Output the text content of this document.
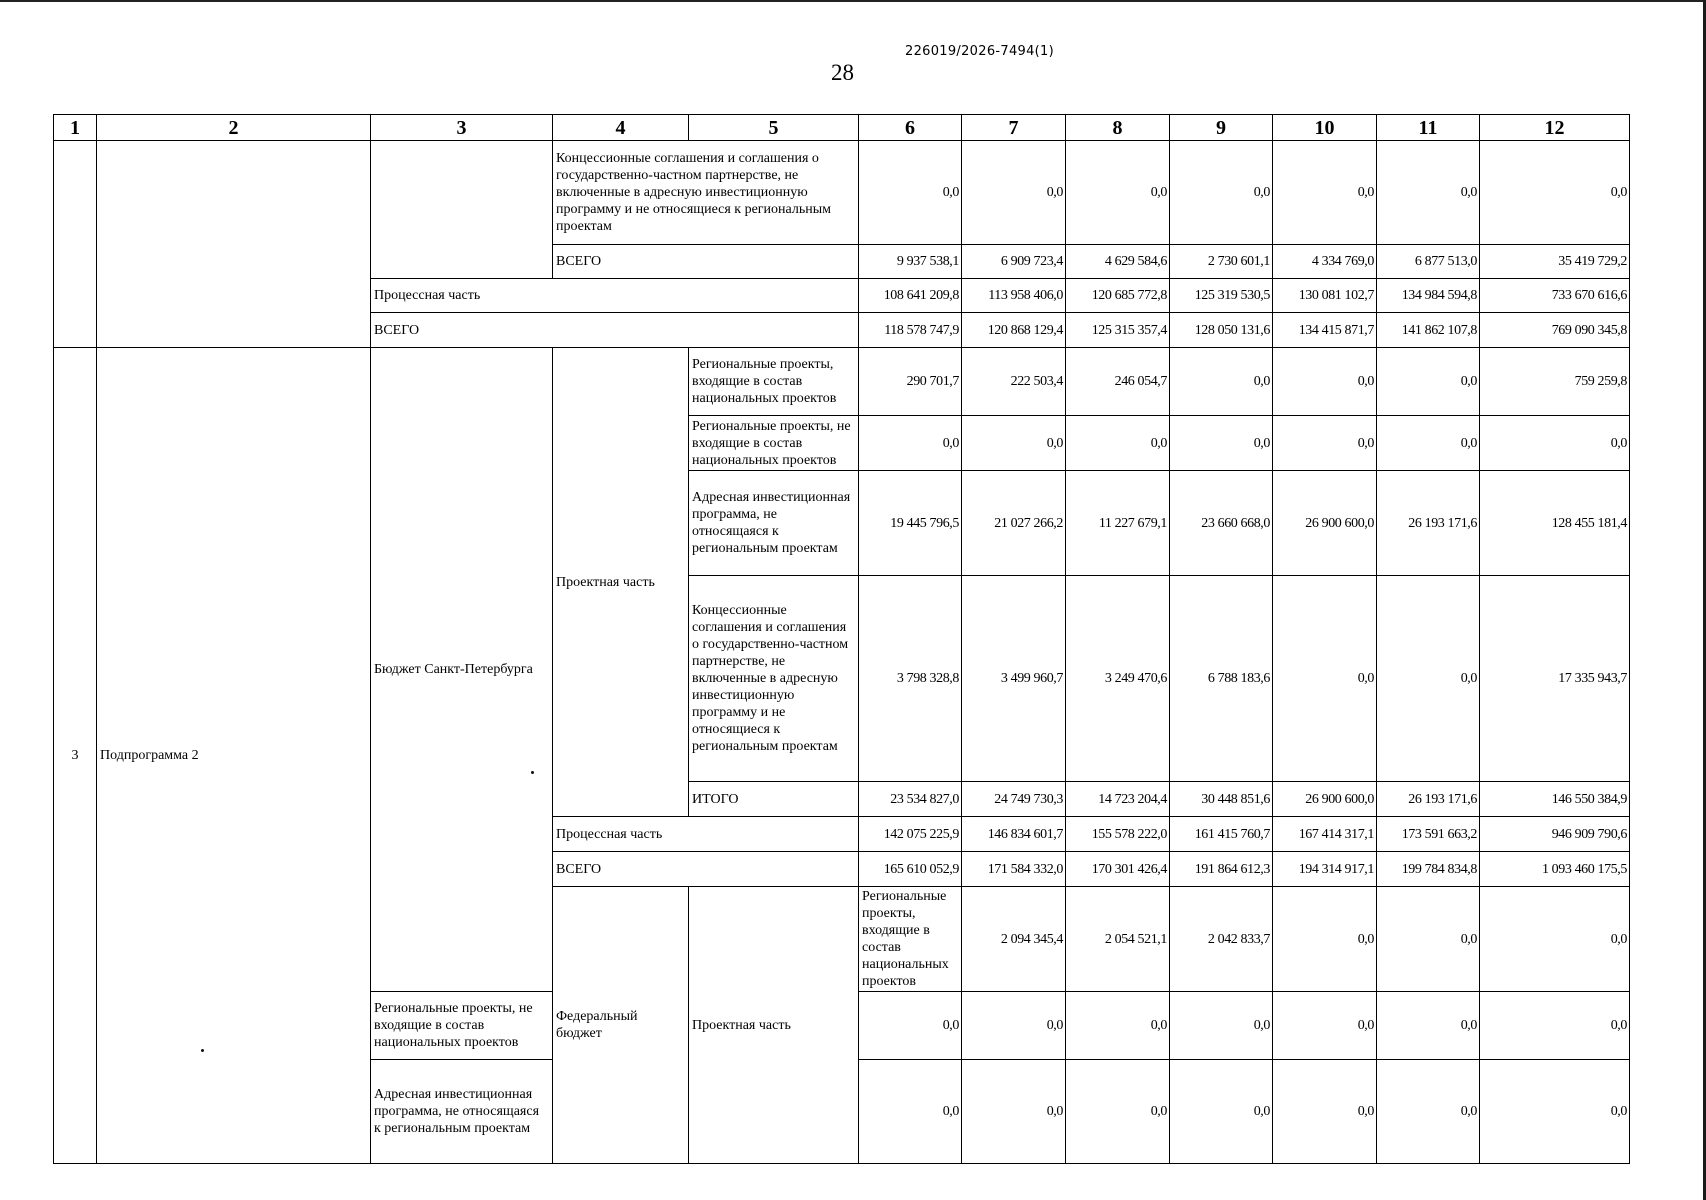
226019/2026-7494(1)
28
1	2	3	4	5	6	7	8	9	10	11	12	
			Концессионные соглашения и соглашения о государственно-частном партнерстве, не включенные в адресную инвестиционную программу и не относящиеся к региональным проектам		0,0	0,0	0,0	0,0	0,0	0,0	0,0	
			ВСЕГО		9 937 538,1	6 909 723,4	4 629 584,6	2 730 601,1	4 334 769,0	6 877 513,0	35 419 729,2	
		Процессная часть			108 641 209,8	113 958 406,0	120 685 772,8	125 319 530,5	130 081 102,7	134 984 594,8	733 670 616,6	
		ВСЕГО			118 578 747,9	120 868 129,4	125 315 357,4	128 050 131,6	134 415 871,7	141 862 107,8	769 090 345,8	
3	Подпрограмма 2	Бюджет Санкт-Петербурга	Проектная часть	Региональные проекты, входящие в состав национальных проектов	290 701,7	222 503,4	246 054,7	0,0	0,0	0,0	759 259,8	
				Региональные проекты, не входящие в состав национальных проектов	0,0	0,0	0,0	0,0	0,0	0,0	0,0	
				Адресная инвестиционная программа, не относящаяся к региональным проектам	19 445 796,5	21 027 266,2	11 227 679,1	23 660 668,0	26 900 600,0	26 193 171,6	128 455 181,4	
				Концессионные соглашения и соглашения о государственно-частном партнерстве, не включенные в адресную инвестиционную программу и не относящиеся к региональным проектам	3 798 328,8	3 499 960,7	3 249 470,6	6 788 183,6	0,0	0,0	17 335 943,7	
				ИТОГО	23 534 827,0	24 749 730,3	14 723 204,4	30 448 851,6	26 900 600,0	26 193 171,6	146 550 384,9	
			Процессная часть		142 075 225,9	146 834 601,7	155 578 222,0	161 415 760,7	167 414 317,1	173 591 663,2	946 909 790,6	
			ВСЕГО		165 610 052,9	171 584 332,0	170 301 426,4	191 864 612,3	194 314 917,1	199 784 834,8	1 093 460 175,5	
			Федеральный бюджет	Проектная часть	Региональные проекты, входящие в состав национальных проектов	2 094 345,4	2 054 521,1	2 042 833,7	0,0	0,0	0,0	
		Региональные проекты, не входящие в состав национальных проектов			0,0	0,0	0,0	0,0	0,0	0,0	0,0	
		Адресная инвестиционная программа, не относящаяся к региональным проектам			0,0	0,0	0,0	0,0	0,0	0,0	0,0	
